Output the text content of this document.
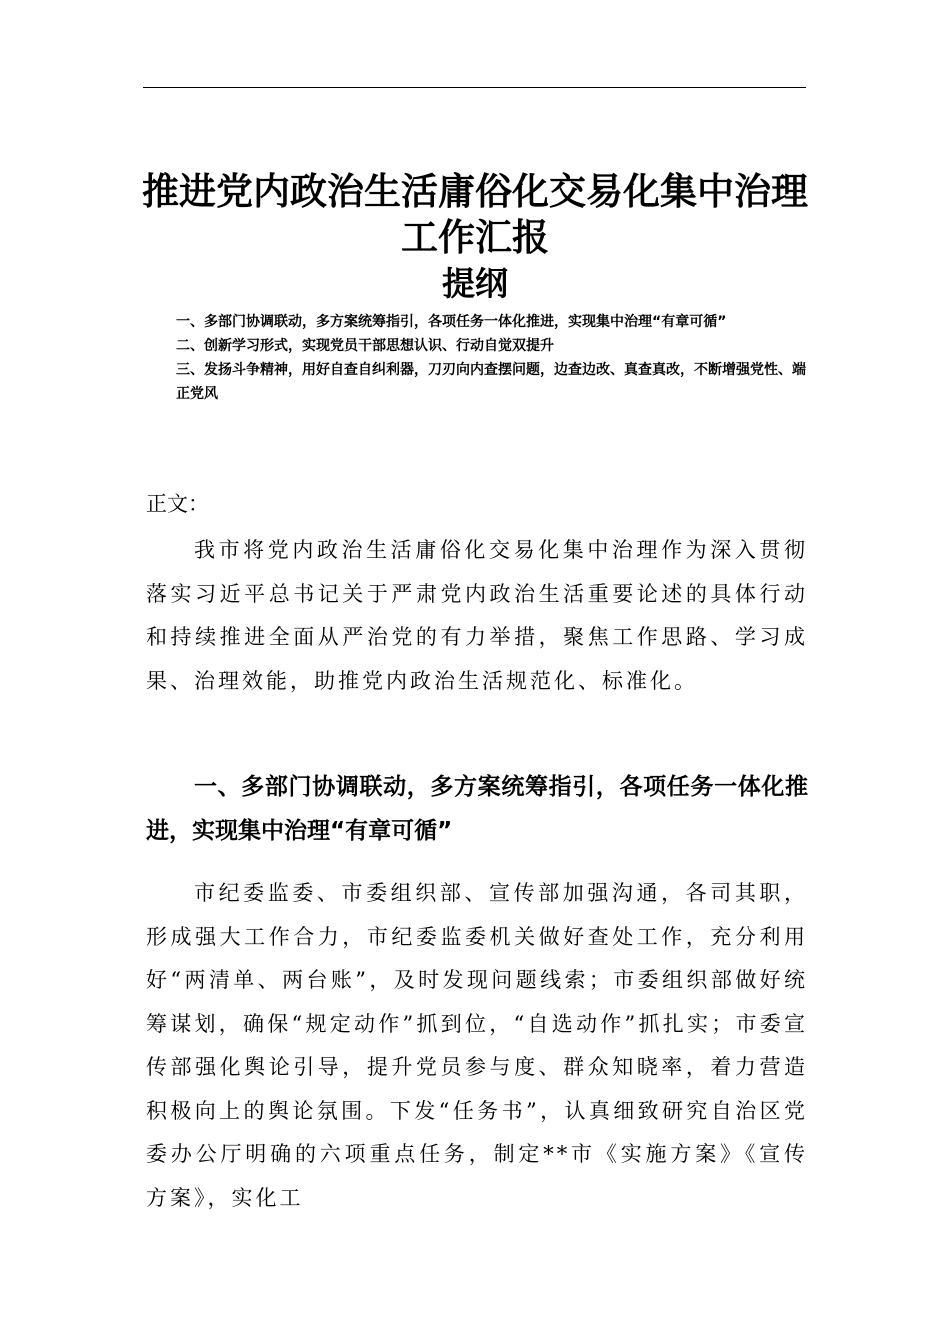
推进党内政治生活庸俗化交易化集中治理
工作汇报
提纲
一、多部门协调联动，多方案统筹指引，各项任务一体化推进，实现集中治理“有章可循”
二、创新学习形式，实现党员干部思想认识、行动自觉双提升
三、发扬斗争精神，用好自查自纠利器，刀刃向内查摆问题，边查边改、真查真改，不断增强党性、端正党风

正文：

我市将党内政治生活庸俗化交易化集中治理作为深入贯彻落实习近平总书记关于严肃党内政治生活重要论述的具体行动和持续推进全面从严治党的有力举措，聚焦工作思路、学习成果、治理效能，助推党内政治生活规范化、标准化。

一、多部门协调联动，多方案统筹指引，各项任务一体化推进，实现集中治理“有章可循”

市纪委监委、市委组织部、宣传部加强沟通，各司其职，形成强大工作合力，市纪委监委机关做好查处工作，充分利用好“两清单、两台账”，及时发现问题线索；市委组织部做好统筹谋划，确保“规定动作”抓到位，“自选动作”抓扎实；市委宣传部强化舆论引导，提升党员参与度、群众知晓率，着力营造积极向上的舆论氛围。下发“任务书”，认真细致研究自治区党委办公厅明确的六项重点任务，制定**市《实施方案》《宣传方案》，实化工
